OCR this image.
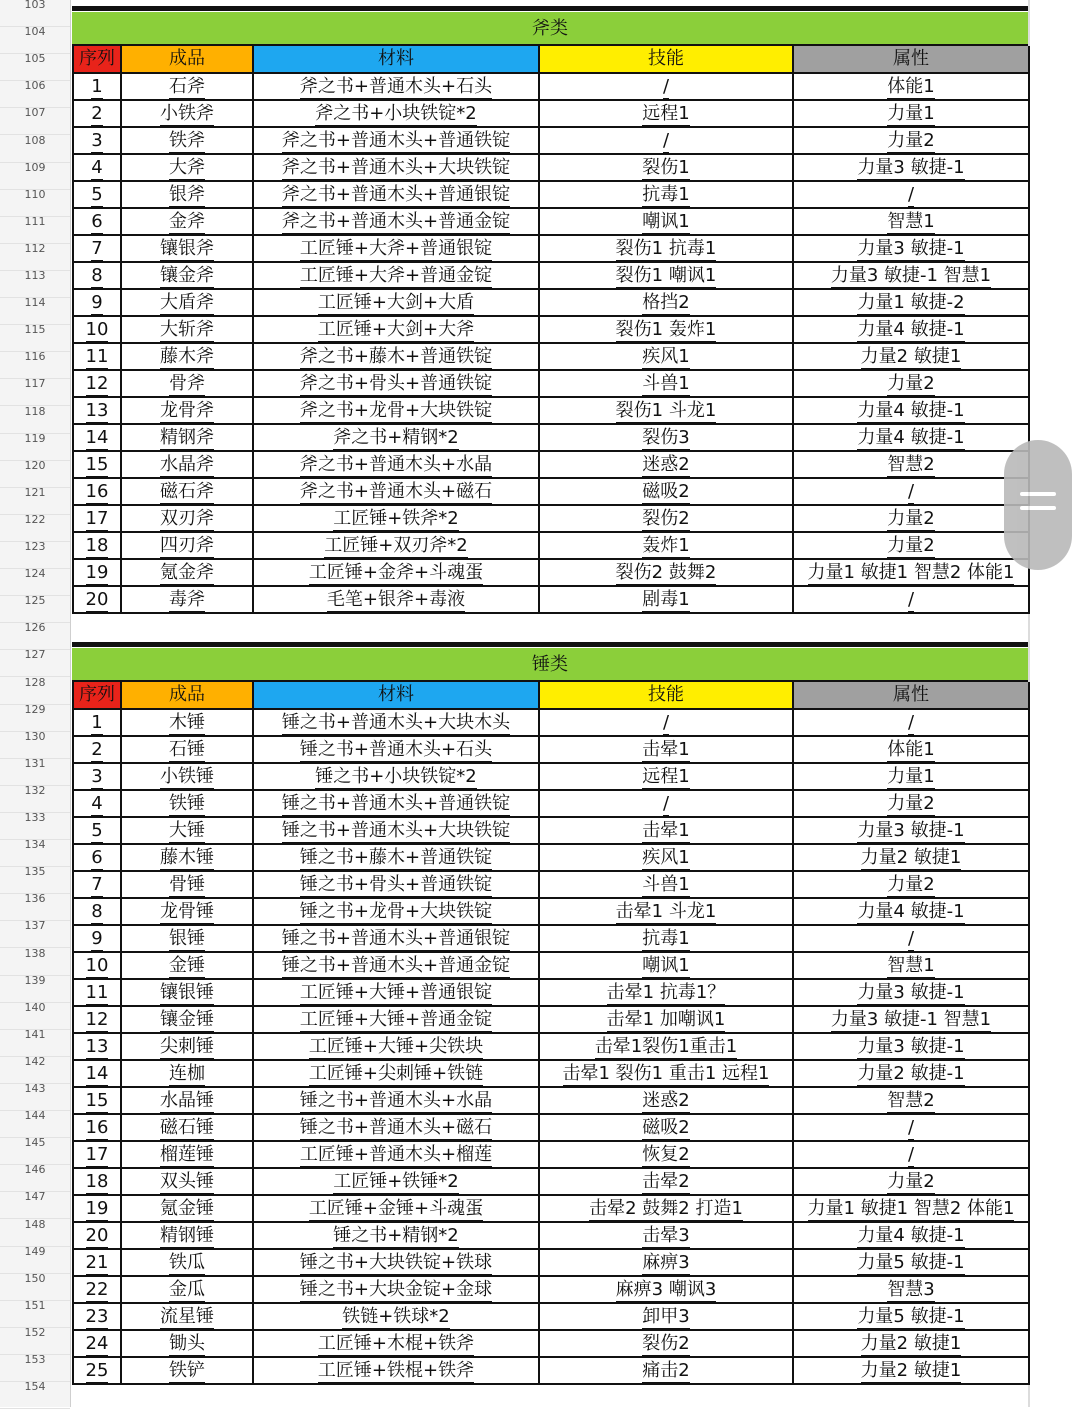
103
104
105
106
107
108
109
110
111
112
113
114
115
116
117
118
119
120
121
122
123
124
125
126
127
128
129
130
131
132
133
134
135
136
137
138
139
140
141
142
143
144
145
146
147
148
149
150
151
152
153
154
斧类
序列	成品	材料	技能	属性
1	石斧	斧之书+普通木头+石头	/	体能1
2	小铁斧	斧之书+小块铁锭*2	远程1	力量1
3	铁斧	斧之书+普通木头+普通铁锭	/	力量2
4	大斧	斧之书+普通木头+大块铁锭	裂伤1	力量3 敏捷-1
5	银斧	斧之书+普通木头+普通银锭	抗毒1	/
6	金斧	斧之书+普通木头+普通金锭	嘲讽1	智慧1
7	镶银斧	工匠锤+大斧+普通银锭	裂伤1 抗毒1	力量3 敏捷-1
8	镶金斧	工匠锤+大斧+普通金锭	裂伤1 嘲讽1	力量3 敏捷-1 智慧1
9	大盾斧	工匠锤+大剑+大盾	格挡2	力量1 敏捷-2
10	大斩斧	工匠锤+大剑+大斧	裂伤1 轰炸1	力量4 敏捷-1
11	藤木斧	斧之书+藤木+普通铁锭	疾风1	力量2 敏捷1
12	骨斧	斧之书+骨头+普通铁锭	斗兽1	力量2
13	龙骨斧	斧之书+龙骨+大块铁锭	裂伤1 斗龙1	力量4 敏捷-1
14	精钢斧	斧之书+精钢*2	裂伤3	力量4 敏捷-1
15	水晶斧	斧之书+普通木头+水晶	迷惑2	智慧2
16	磁石斧	斧之书+普通木头+磁石	磁吸2	/
17	双刃斧	工匠锤+铁斧*2	裂伤2	力量2
18	四刃斧	工匠锤+双刃斧*2	轰炸1	力量2
19	氪金斧	工匠锤+金斧+斗魂蛋	裂伤2 鼓舞2	力量1 敏捷1 智慧2 体能1
20	毒斧	毛笔+银斧+毒液	剧毒1	/
锤类
序列	成品	材料	技能	属性
1	木锤	锤之书+普通木头+大块木头	/	/
2	石锤	锤之书+普通木头+石头	击晕1	体能1
3	小铁锤	锤之书+小块铁锭*2	远程1	力量1
4	铁锤	锤之书+普通木头+普通铁锭	/	力量2
5	大锤	锤之书+普通木头+大块铁锭	击晕1	力量3 敏捷-1
6	藤木锤	锤之书+藤木+普通铁锭	疾风1	力量2 敏捷1
7	骨锤	锤之书+骨头+普通铁锭	斗兽1	力量2
8	龙骨锤	锤之书+龙骨+大块铁锭	击晕1 斗龙1	力量4 敏捷-1
9	银锤	锤之书+普通木头+普通银锭	抗毒1	/
10	金锤	锤之书+普通木头+普通金锭	嘲讽1	智慧1
11	镶银锤	工匠锤+大锤+普通银锭	击晕1 抗毒1？	力量3 敏捷-1
12	镶金锤	工匠锤+大锤+普通金锭	击晕1 加嘲讽1	力量3 敏捷-1 智慧1
13	尖刺锤	工匠锤+大锤+尖铁块	击晕1裂伤1重击1	力量3 敏捷-1
14	连枷	工匠锤+尖刺锤+铁链	击晕1 裂伤1 重击1 远程1	力量2 敏捷-1
15	水晶锤	锤之书+普通木头+水晶	迷惑2	智慧2
16	磁石锤	锤之书+普通木头+磁石	磁吸2	/
17	榴莲锤	工匠锤+普通木头+榴莲	恢复2	/
18	双头锤	工匠锤+铁锤*2	击晕2	力量2
19	氪金锤	工匠锤+金锤+斗魂蛋	击晕2 鼓舞2 打造1	力量1 敏捷1 智慧2 体能1
20	精钢锤	锤之书+精钢*2	击晕3	力量4 敏捷-1
21	铁瓜	锤之书+大块铁锭+铁球	麻痹3	力量5 敏捷-1
22	金瓜	锤之书+大块金锭+金球	麻痹3 嘲讽3	智慧3
23	流星锤	铁链+铁球*2	卸甲3	力量5 敏捷-1
24	锄头	工匠锤+木棍+铁斧	裂伤2	力量2 敏捷1
25	铁铲	工匠锤+铁棍+铁斧	痛击2	力量2 敏捷1
